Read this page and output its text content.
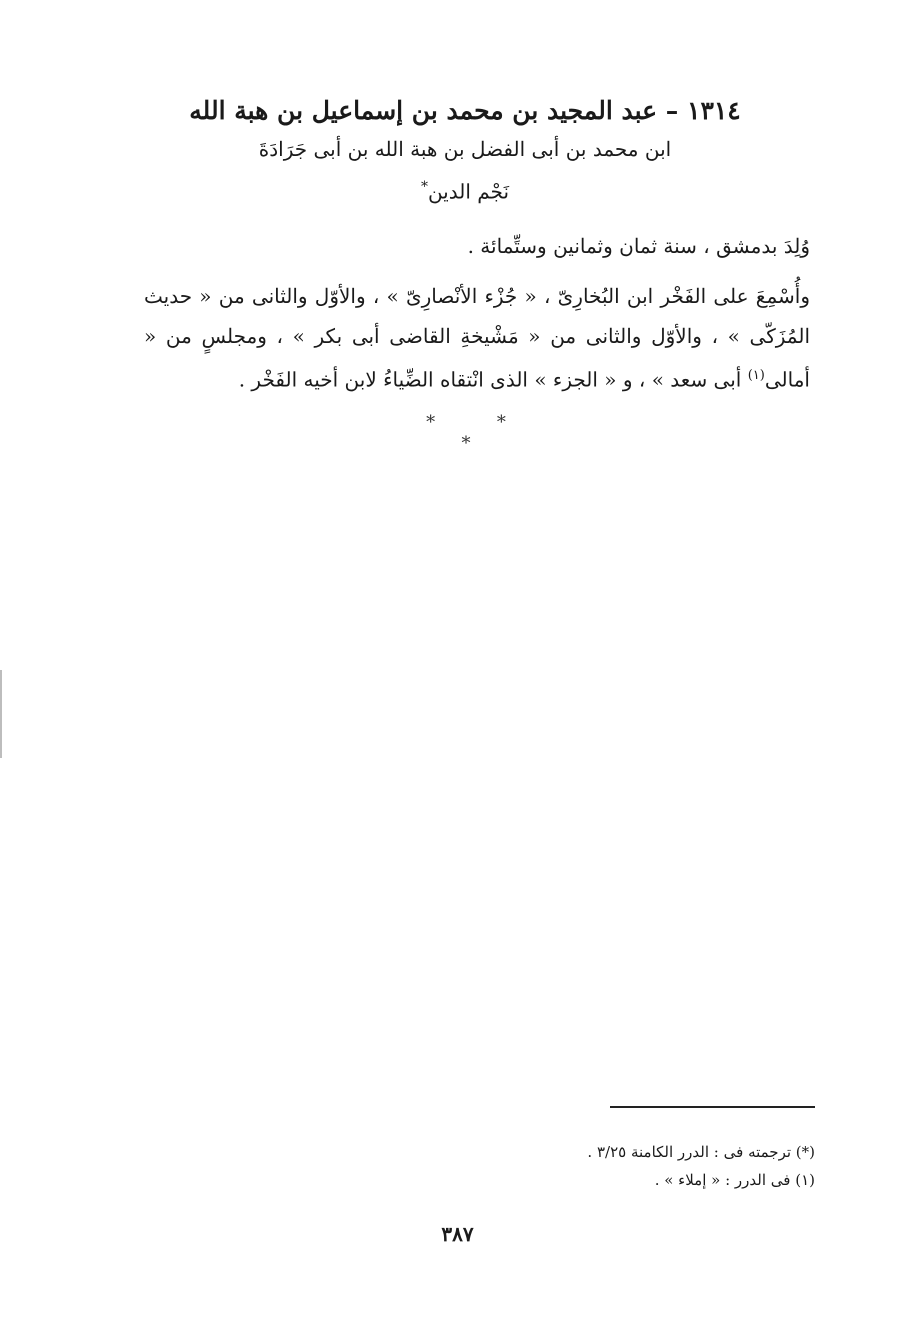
١٣١٤ – عبد المجيد بن محمد بن إسماعيل بن هبة الله

ابن محمد بن أبى الفضل بن هبة الله بن أبى جَرَادَةَ

نَجْم الدين*

وُلِدَ بدمشق ، سنة ثمان وثمانين وستِّمائة .

وأُسْمِعَ على الفَخْر ابن البُخارِىّ ، « جُزْء الأنْصارِىّ » ، والأوّل والثانى من « حديث المُزَكّى » ، والأوّل والثانى من « مَشْيخةِ القاضى أبى بكر » ، ومجلسٍ من « أمالى$^{(١)}$ أبى سعد » ، و « الجزء » الذى انْتقاه الضِّياءُ لابن أخيه الفَخْر .

* * *

(*) ترجمته فى : الدرر الكامنة ٣/٢٥ .

(١) فى الدرر : « إملاء » .

٣٨٧
